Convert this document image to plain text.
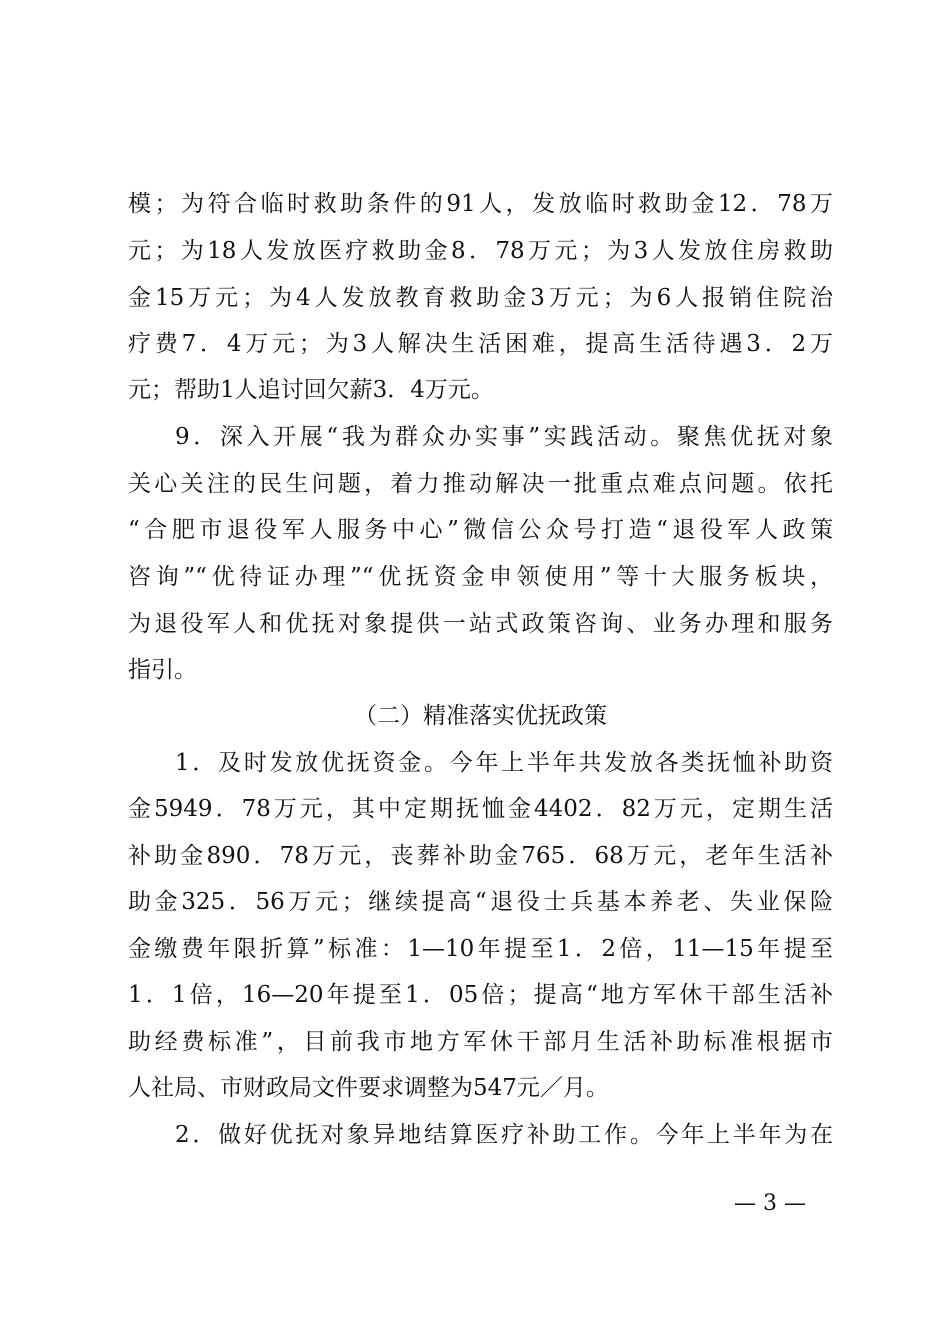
模；为符合临时救助条件的91人，发放临时救助金12．78万
元；为18人发放医疗救助金8．78万元；为3人发放住房救助
金15万元；为4人发放教育救助金3万元；为6人报销住院治
疗费7．4万元；为3人解决生活困难，提高生活待遇3．2万
元；帮助1人追讨回欠薪3．4万元。
9．深入开展“我为群众办实事”实践活动。聚焦优抚对象
关心关注的民生问题，着力推动解决一批重点难点问题。依托
“合肥市退役军人服务中心”微信公众号打造“退役军人政策
咨询”“优待证办理”“优抚资金申领使用”等十大服务板块，
为退役军人和优抚对象提供一站式政策咨询、业务办理和服务
指引。
（二）精准落实优抚政策
1．及时发放优抚资金。今年上半年共发放各类抚恤补助资
金5949．78万元，其中定期抚恤金4402．82万元，定期生活
补助金890．78万元，丧葬补助金765．68万元，老年生活补
助金325．56万元；继续提高“退役士兵基本养老、失业保险
金缴费年限折算”标准：1—10年提至1．2倍，11—15年提至
1．1倍，16—20年提至1．05倍；提高“地方军休干部生活补
助经费标准”，目前我市地方军休干部月生活补助标准根据市
人社局、市财政局文件要求调整为547元／月。
2．做好优抚对象异地结算医疗补助工作。今年上半年为在
— 3 —
